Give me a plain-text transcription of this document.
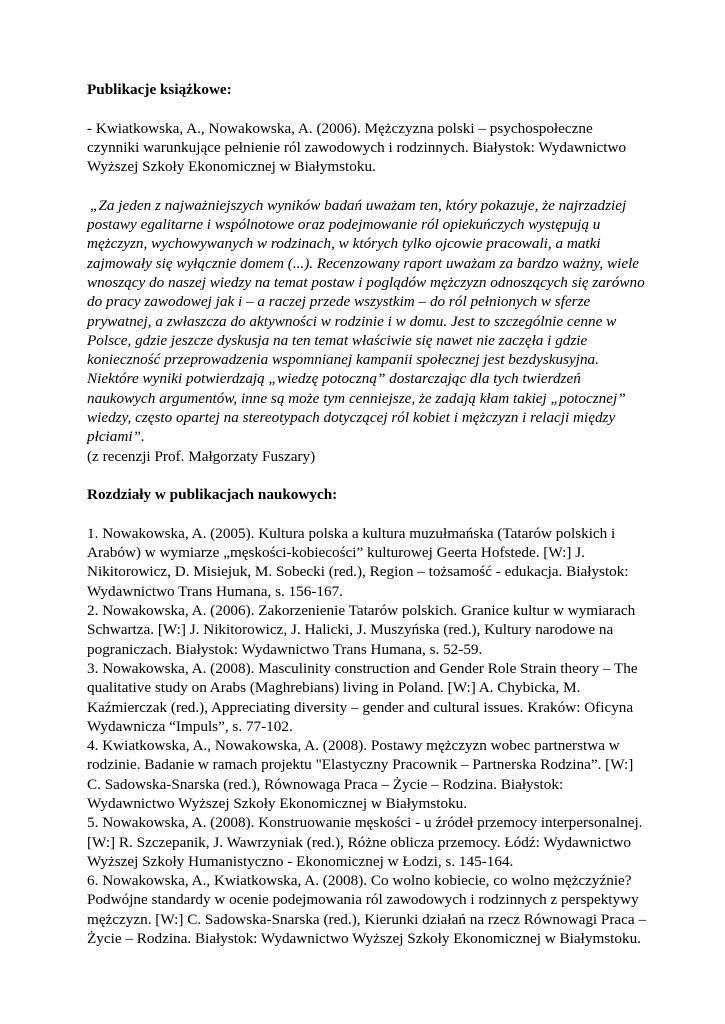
Publikacje książkowe:

- Kwiatkowska, A., Nowakowska, A. (2006). Mężczyzna polski – psychospołeczne czynniki warunkujące pełnienie ról zawodowych i rodzinnych. Białystok: Wydawnictwo Wyższej Szkoły Ekonomicznej w Białymstoku.

„Za jeden z najważniejszych wyników badań uważam ten, który pokazuje, że najrzadziej postawy egalitarne i wspólnotowe oraz podejmowanie ról opiekuńczych występują u mężczyzn, wychowywanych w rodzinach, w których tylko ojcowie pracowali, a matki zajmowały się wyłącznie domem (...). Recenzowany raport uważam za bardzo ważny, wiele wnoszący do naszej wiedzy na temat postaw i poglądów mężczyzn odnoszących się zarówno do pracy zawodowej jak i – a raczej przede wszystkim – do ról pełnionych w sferze prywatnej, a zwłaszcza do aktywności w rodzinie i w domu. Jest to szczególnie cenne w Polsce, gdzie jeszcze dyskusja na ten temat właściwie się nawet nie zaczęła i gdzie konieczność przeprowadzenia wspomnianej kampanii społecznej jest bezdyskusyjna. Niektóre wyniki potwierdzają „wiedzę potoczną” dostarczając dla tych twierdzeń naukowych argumentów, inne są może tym cenniejsze, że zadają kłam takiej „potocznej” wiedzy, często opartej na stereotypach dotyczącej ról kobiet i mężczyzn i relacji między płciami”.

(z recenzji Prof. Małgorzaty Fuszary)

Rozdziały w publikacjach naukowych:

1. Nowakowska, A. (2005). Kultura polska a kultura muzułmańska (Tatarów polskich i Arabów) w wymiarze „męskości-kobiecości” kulturowej Geerta Hofstede. [W:] J. Nikitorowicz, D. Misiejuk, M. Sobecki (red.), Region – tożsamość - edukacja. Białystok: Wydawnictwo Trans Humana, s. 156-167.

2. Nowakowska, A. (2006). Zakorzenienie Tatarów polskich. Granice kultur w wymiarach Schwartza. [W:] J. Nikitorowicz, J. Halicki, J. Muszyńska (red.), Kultury narodowe na pograniczach. Białystok: Wydawnictwo Trans Humana, s. 52-59.

3. Nowakowska, A. (2008). Masculinity construction and Gender Role Strain theory – The qualitative study on Arabs (Maghrebians) living in Poland. [W:] A. Chybicka, M. Kaźmierczak (red.), Appreciating diversity – gender and cultural issues. Kraków: Oficyna Wydawnicza “Impuls”, s. 77-102.

4. Kwiatkowska, A., Nowakowska, A. (2008). Postawy mężczyzn wobec partnerstwa w rodzinie. Badanie w ramach projektu "Elastyczny Pracownik – Partnerska Rodzina”. [W:] C. Sadowska-Snarska (red.), Równowaga Praca – Życie – Rodzina. Białystok: Wydawnictwo Wyższej Szkoły Ekonomicznej w Białymstoku.

5. Nowakowska, A. (2008). Konstruowanie męskości - u źródeł przemocy interpersonalnej. [W:] R. Szczepanik, J. Wawrzyniak (red.), Różne oblicza przemocy. Łódź: Wydawnictwo Wyższej Szkoły Humanistyczno - Ekonomicznej w Łodzi, s. 145-164.

6. Nowakowska, A., Kwiatkowska, A. (2008). Co wolno kobiecie, co wolno mężczyźnie? Podwójne standardy w ocenie podejmowania ról zawodowych i rodzinnych z perspektywy mężczyzn. [W:] C. Sadowska-Snarska (red.), Kierunki działań na rzecz Równowagi Praca – Życie – Rodzina. Białystok: Wydawnictwo Wyższej Szkoły Ekonomicznej w Białymstoku.
